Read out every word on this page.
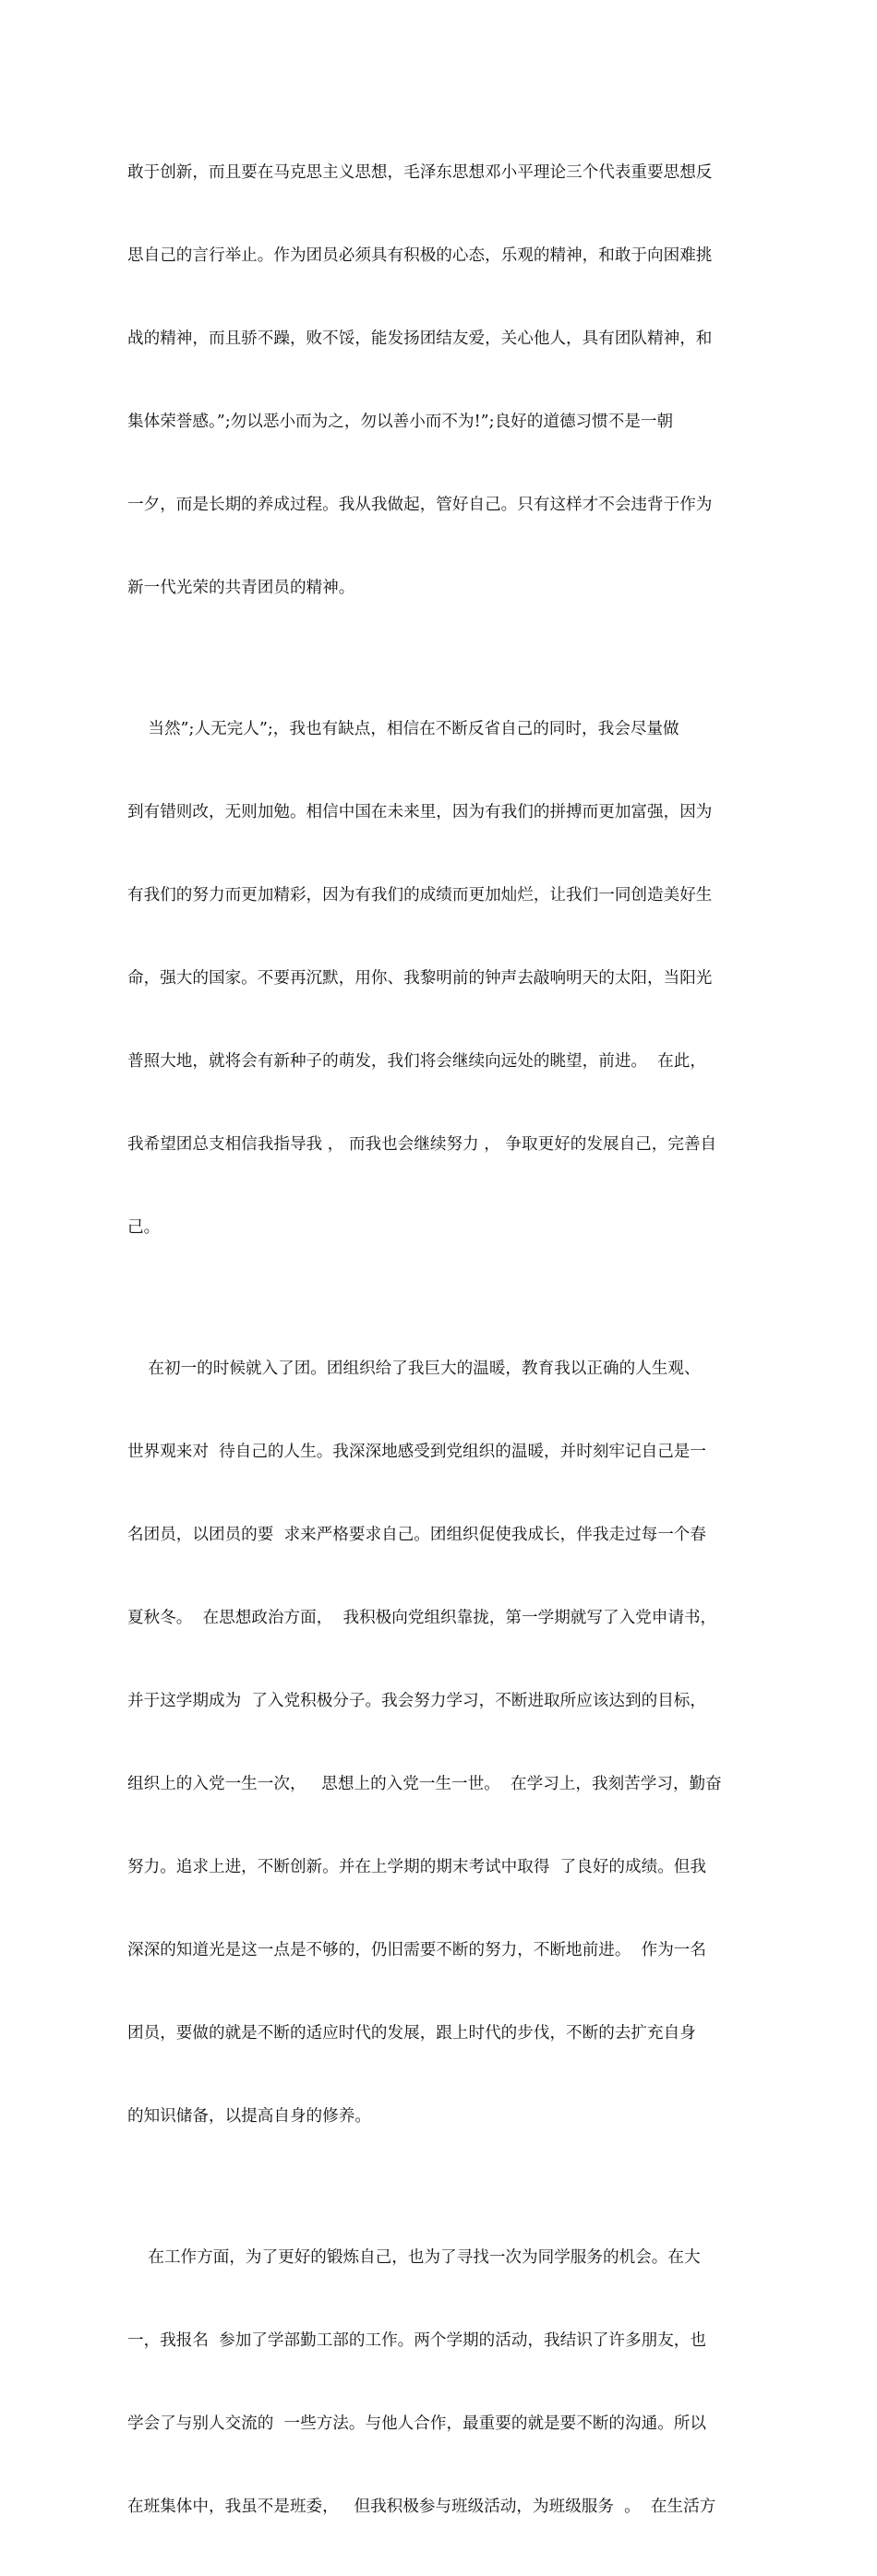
敢于创新，而且要在马克思主义思想，毛泽东思想邓小平理论三个代表重要思想反

思自己的言行举止。作为团员必须具有积极的心态，乐观的精神，和敢于向困难挑

战的精神，而且骄不躁，败不馁，能发扬团结友爱，关心他人，具有团队精神，和

集体荣誉感。”;勿以恶小而为之，勿以善小而不为!”;良好的道德习惯不是一朝

一夕，而是长期的养成过程。我从我做起，管好自己。只有这样才不会违背于作为

新一代光荣的共青团员的精神。

当然”;人无完人”;，我也有缺点，相信在不断反省自己的同时，我会尽量做

到有错则改，无则加勉。相信中国在未来里，因为有我们的拼搏而更加富强，因为

有我们的努力而更加精彩，因为有我们的成绩而更加灿烂，让我们一同创造美好生

命，强大的国家。不要再沉默，用你、我黎明前的钟声去敲响明天的太阳，当阳光

普照大地，就将会有新种子的萌发，我们将会继续向远处的眺望，前进。  在此，

我希望团总支相信我指导我 ， 而我也会继续努力 ， 争取更好的发展自己，完善自

己。

在初一的时候就入了团。团组织给了我巨大的温暖，教育我以正确的人生观、

世界观来对  待自己的人生。我深深地感受到党组织的温暖，并时刻牢记自己是一

名团员，以团员的要  求来严格要求自己。团组织促使我成长，伴我走过每一个春

夏秋冬。  在思想政治方面，  我积极向党组织靠拢，第一学期就写了入党申请书，

并于这学期成为  了入党积极分子。我会努力学习，不断进取所应该达到的目标，

组织上的入党一生一次，   思想上的入党一生一世。  在学习上，我刻苦学习，勤奋

努力。追求上进，不断创新。并在上学期的期末考试中取得  了良好的成绩。但我

深深的知道光是这一点是不够的，仍旧需要不断的努力，不断地前进。  作为一名

团员，要做的就是不断的适应时代的发展，跟上时代的步伐，不断的去扩充自身

的知识储备，以提高自身的修养。

在工作方面，为了更好的锻炼自己，也为了寻找一次为同学服务的机会。在大

一，我报名  参加了学部勤工部的工作。两个学期的活动，我结识了许多朋友，也

学会了与别人交流的  一些方法。与他人合作，最重要的就是要不断的沟通。所以

在班集体中，我虽不是班委，   但我积极参与班级活动，为班级服务  。  在生活方
